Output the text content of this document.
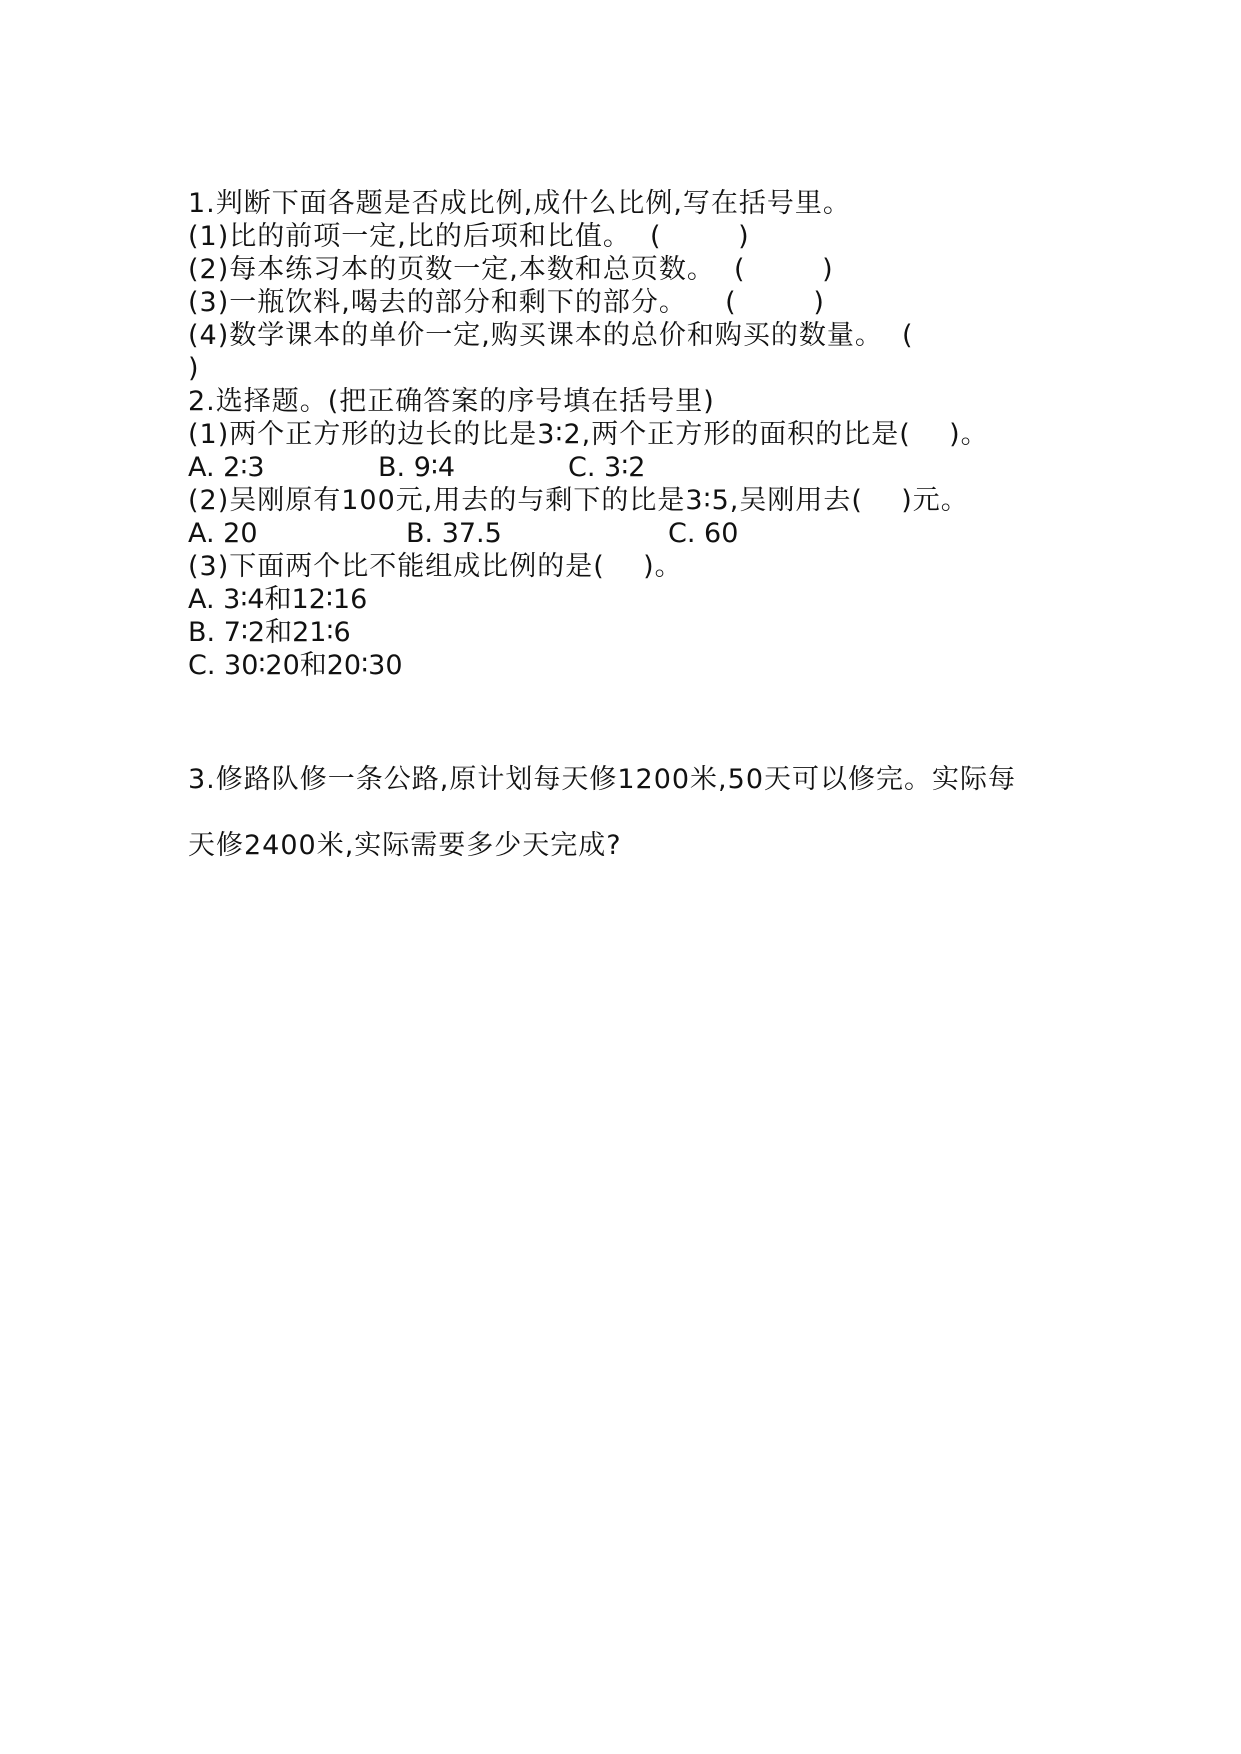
1.判断下面各题是否成比例,成什么比例,写在括号里。
(1)比的前项一定,比的后项和比值。  (        )
(2)每本练习本的页数一定,本数和总页数。  (        )
(3)一瓶饮料,喝去的部分和剩下的部分。    (        )
(4)数学课本的单价一定,购买课本的总价和购买的数量。  (
)
2.选择题。(把正确答案的序号填在括号里)
(1)两个正方形的边长的比是3∶2,两个正方形的面积的比是(    )。

A. 2∶3

	B. 9∶4

	C. 3∶2

(2)吴刚原有100元,用去的与剩下的比是3∶5,吴刚用去(    )元。

A. 20

	B. 37.5

	C. 60

(3)下面两个比不能组成比例的是(    )。

A. 3∶4和12∶16

B. 7∶2和21∶6

C. 30∶20和20∶30

3.修路队修一条公路,原计划每天修1200米,50天可以修完。实际每
天修2400米,实际需要多少天完成?
